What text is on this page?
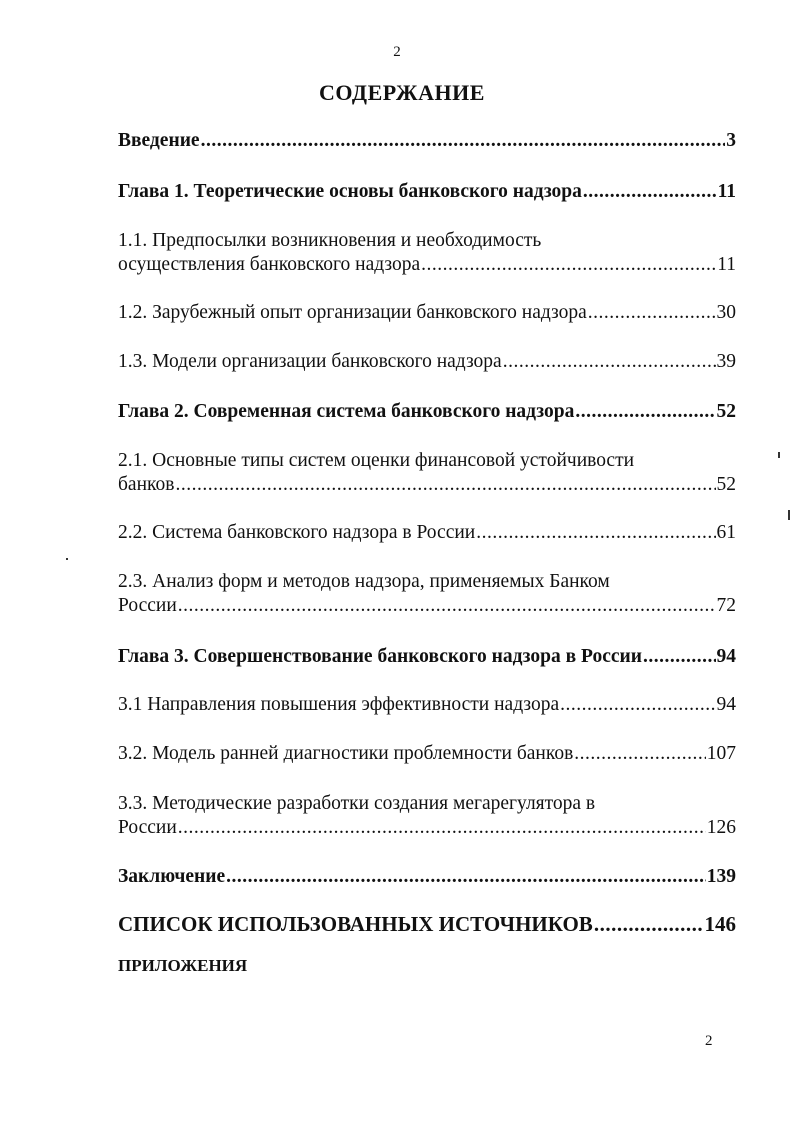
2
СОДЕРЖАНИЕ
Введение .....	3
Глава 1. Теоретические основы банковского надзора .....	11
1.1. Предпосылки возникновения и необходимость
осуществления банковского надзора .....	11
1.2. Зарубежный опыт организации банковского надзора .....	30
1.3. Модели организации банковского надзора .....	39
Глава 2. Современная система банковского надзора .....	52
2.1. Основные типы систем оценки финансовой устойчивости
банков .....	52
2.2. Система банковского надзора в России .....	61
2.3. Анализ форм и методов надзора, применяемых Банком
России .....	72
Глава 3. Совершенствование банковского надзора в России .....	94
3.1 Направления повышения эффективности надзора .....	94
3.2. Модель ранней диагностики проблемности банков .....	107
3.3. Методические разработки создания мегарегулятора в
России .....	126
Заключение .....	139
СПИСОК ИСПОЛЬЗОВАННЫХ ИСТОЧНИКОВ .....	146
ПРИЛОЖЕНИЯ
2
